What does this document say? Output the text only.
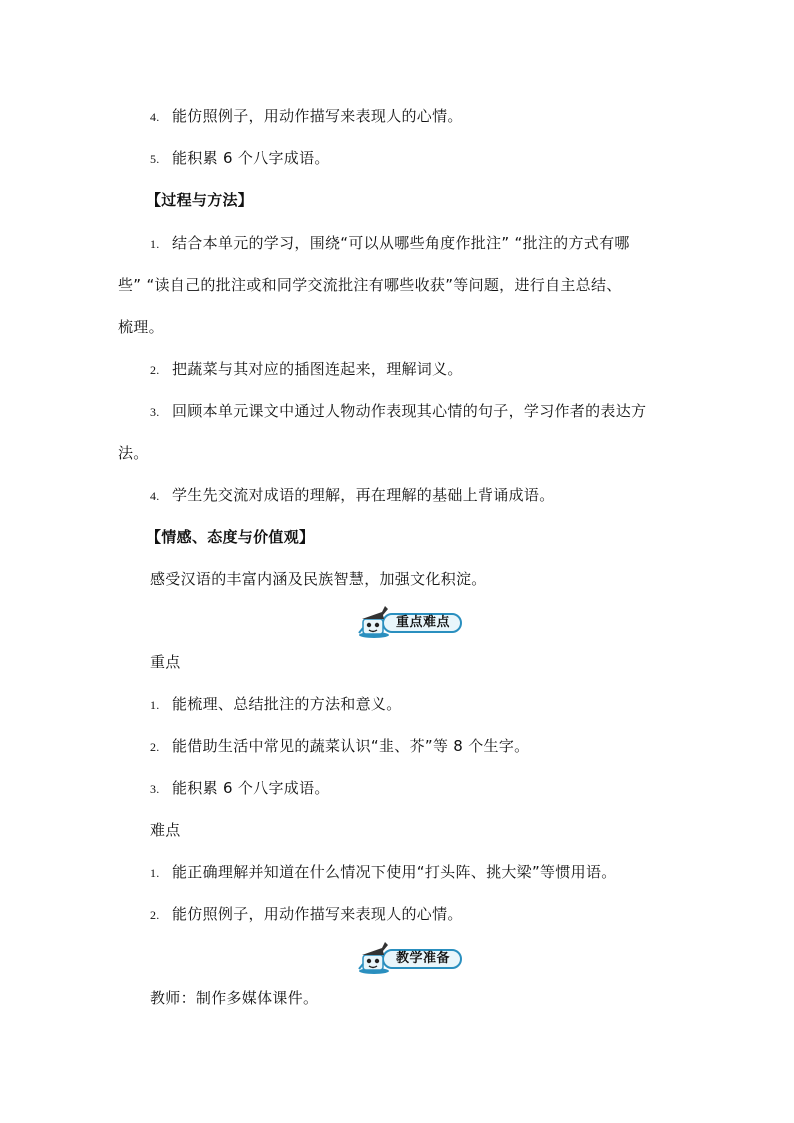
4. 能仿照例子，用动作描写来表现人的心情。
5. 能积累 6 个八字成语。
【过程与方法】
1. 结合本单元的学习，围绕“可以从哪些角度作批注” “批注的方式有哪
些” “读自己的批注或和同学交流批注有哪些收获”等问题，进行自主总结、
梳理。
2. 把蔬菜与其对应的插图连起来，理解词义。
3. 回顾本单元课文中通过人物动作表现其心情的句子，学习作者的表达方
法。
4. 学生先交流对成语的理解，再在理解的基础上背诵成语。
【情感、态度与价值观】
感受汉语的丰富内涵及民族智慧，加强文化积淀。
重点难点
重点
1. 能梳理、总结批注的方法和意义。
2. 能借助生活中常见的蔬菜认识“韭、芥”等 8 个生字。
3. 能积累 6 个八字成语。
难点
1. 能正确理解并知道在什么情况下使用“打头阵、挑大梁”等惯用语。
2. 能仿照例子，用动作描写来表现人的心情。
教学准备
教师：制作多媒体课件。
